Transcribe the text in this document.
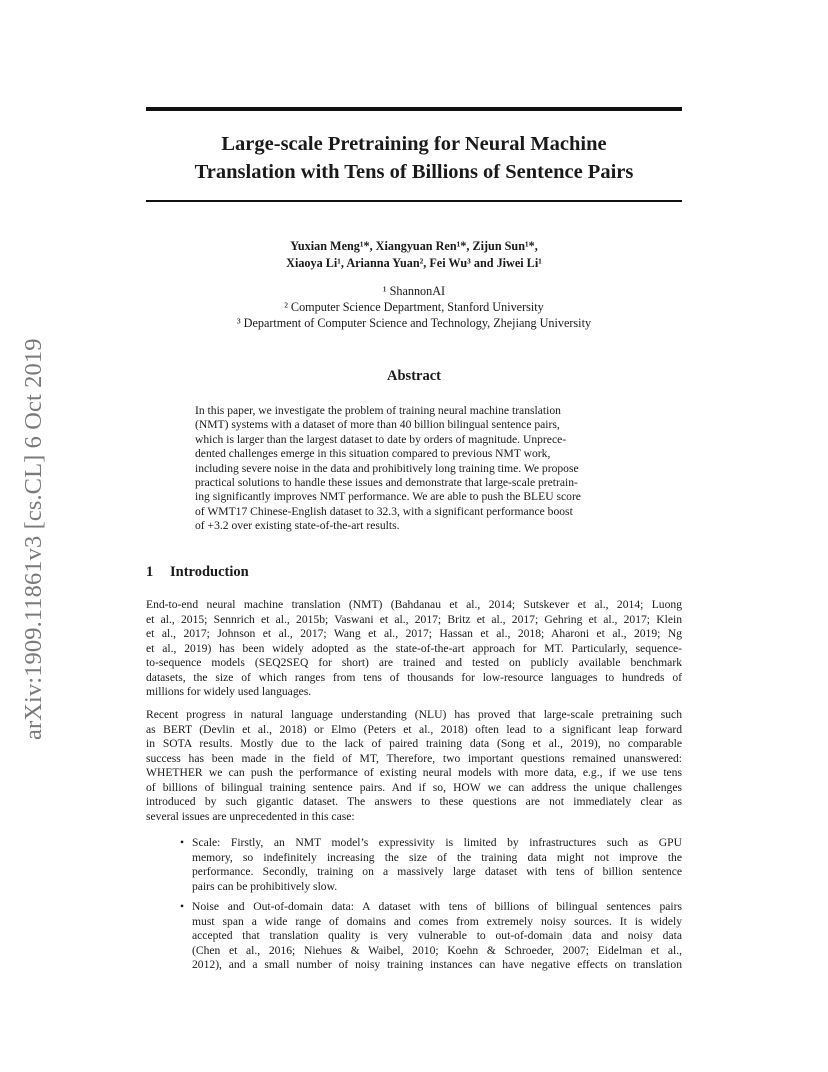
arXiv:1909.11861v3 [cs.CL] 6 Oct 2019
Large-scale Pretraining for Neural Machine
Translation with Tens of Billions of Sentence Pairs
Yuxian Meng¹*, Xiangyuan Ren¹*, Zijun Sun¹*,
Xiaoya Li¹, Arianna Yuan², Fei Wu³ and Jiwei Li¹
¹ ShannonAI
² Computer Science Department, Stanford University
³ Department of Computer Science and Technology, Zhejiang University
Abstract
In this paper, we investigate the problem of training neural machine translation
(NMT) systems with a dataset of more than 40 billion bilingual sentence pairs,
which is larger than the largest dataset to date by orders of magnitude. Unprece-
dented challenges emerge in this situation compared to previous NMT work,
including severe noise in the data and prohibitively long training time. We propose
practical solutions to handle these issues and demonstrate that large-scale pretrain-
ing significantly improves NMT performance. We are able to push the BLEU score
of WMT17 Chinese-English dataset to 32.3, with a significant performance boost
of +3.2 over existing state-of-the-art results.
1 Introduction
End-to-end neural machine translation (NMT) (Bahdanau et al., 2014; Sutskever et al., 2014; Luong
et al., 2015; Sennrich et al., 2015b; Vaswani et al., 2017; Britz et al., 2017; Gehring et al., 2017; Klein
et al., 2017; Johnson et al., 2017; Wang et al., 2017; Hassan et al., 2018; Aharoni et al., 2019; Ng
et al., 2019) has been widely adopted as the state-of-the-art approach for MT. Particularly, sequence-
to-sequence models (SEQ2SEQ for short) are trained and tested on publicly available benchmark
datasets, the size of which ranges from tens of thousands for low-resource languages to hundreds of
millions for widely used languages.
Recent progress in natural language understanding (NLU) has proved that large-scale pretraining such
as BERT (Devlin et al., 2018) or Elmo (Peters et al., 2018) often lead to a significant leap forward
in SOTA results. Mostly due to the lack of paired training data (Song et al., 2019), no comparable
success has been made in the field of MT, Therefore, two important questions remained unanswered:
WHETHER we can push the performance of existing neural models with more data, e.g., if we use tens
of billions of bilingual training sentence pairs. And if so, HOW we can address the unique challenges
introduced by such gigantic dataset. The answers to these questions are not immediately clear as
several issues are unprecedented in this case:
• Scale: Firstly, an NMT model’s expressivity is limited by infrastructures such as GPU
memory, so indefinitely increasing the size of the training data might not improve the
performance. Secondly, training on a massively large dataset with tens of billion sentence
pairs can be prohibitively slow.
• Noise and Out-of-domain data: A dataset with tens of billions of bilingual sentences pairs
must span a wide range of domains and comes from extremely noisy sources. It is widely
accepted that translation quality is very vulnerable to out-of-domain data and noisy data
(Chen et al., 2016; Niehues & Waibel, 2010; Koehn & Schroeder, 2007; Eidelman et al.,
2012), and a small number of noisy training instances can have negative effects on translation
